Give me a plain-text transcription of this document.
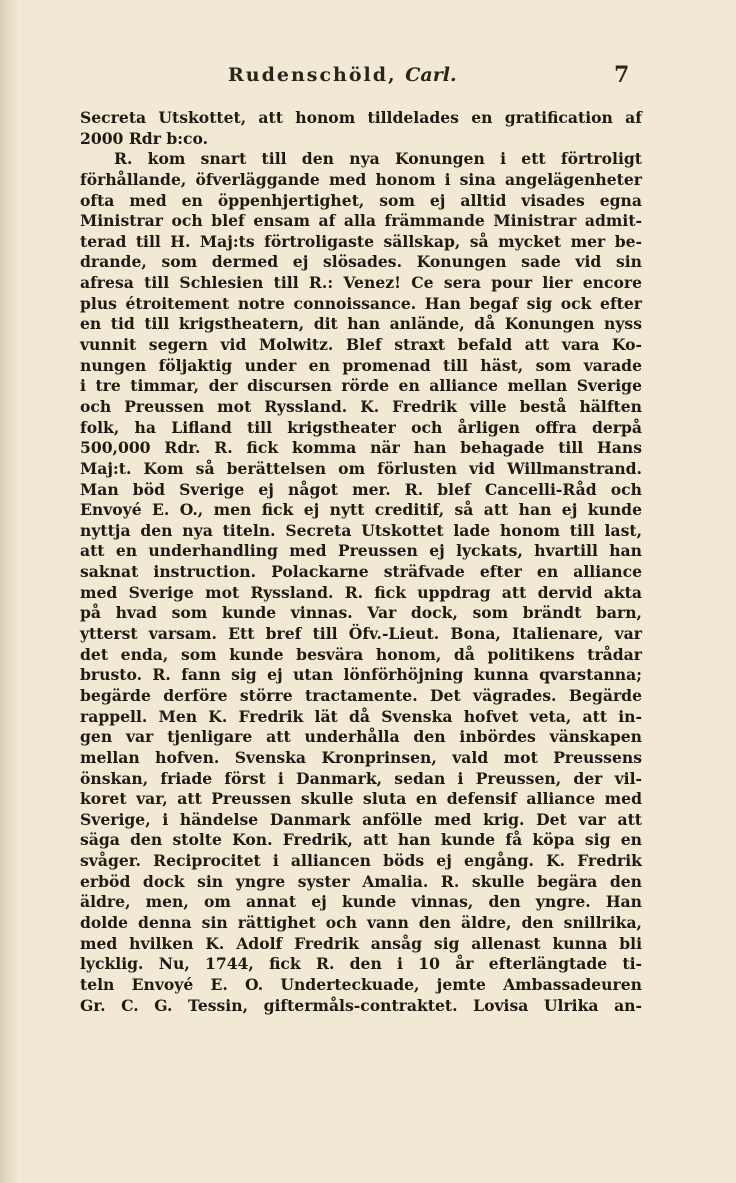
Rudenschöld, Carl.	7
Secreta Utskottet, att honom tilldelades en gratification af
2000 Rdr b:co.
R. kom snart till den nya Konungen i ett förtroligt
förhållande, öfverläggande med honom i sina angelägenheter
ofta med en öppenhjertighet, som ej alltid visades egna
Ministrar och blef ensam af alla främmande Ministrar admit-
terad till H. Maj:ts förtroligaste sällskap, så mycket mer be-
drande, som dermed ej slösades. Konungen sade vid sin
afresa till Schlesien till R.: Venez! Ce sera pour lier encore
plus étroitement notre connoissance. Han begaf sig ock efter
en tid till krigstheatern, dit han anlände, då Konungen nyss
vunnit segern vid Molwitz. Blef straxt befald att vara Ko-
nungen följaktig under en promenad till häst, som varade
i tre timmar, der discursen rörde en alliance mellan Sverige
och Preussen mot Ryssland. K. Fredrik ville bestå hälften
folk, ha Lifland till krigstheater och årligen offra derpå
500,000 Rdr. R. fick komma när han behagade till Hans
Maj:t. Kom så berättelsen om förlusten vid Willmanstrand.
Man böd Sverige ej något mer. R. blef Cancelli-Råd och
Envoyé E. O., men fick ej nytt creditif, så att han ej kunde
nyttja den nya titeln. Secreta Utskottet lade honom till last,
att en underhandling med Preussen ej lyckats, hvartill han
saknat instruction. Polackarne sträfvade efter en alliance
med Sverige mot Ryssland. R. fick uppdrag att dervid akta
på hvad som kunde vinnas. Var dock, som brändt barn,
ytterst varsam. Ett bref till Öfv.-Lieut. Bona, Italienare, var
det enda, som kunde besvära honom, då politikens trådar
brusto. R. fann sig ej utan lönförhöjning kunna qvarstanna;
begärde derföre större tractamente. Det vägrades. Begärde
rappell. Men K. Fredrik lät då Svenska hofvet veta, att in-
gen var tjenligare att underhålla den inbördes vänskapen
mellan hofven. Svenska Kronprinsen, vald mot Preussens
önskan, friade först i Danmark, sedan i Preussen, der vil-
koret var, att Preussen skulle sluta en defensif alliance med
Sverige, i händelse Danmark anfölle med krig. Det var att
säga den stolte Kon. Fredrik, att han kunde få köpa sig en
svåger. Reciprocitet i alliancen böds ej engång. K. Fredrik
erböd dock sin yngre syster Amalia. R. skulle begära den
äldre, men, om annat ej kunde vinnas, den yngre. Han
dolde denna sin rättighet och vann den äldre, den snillrika,
med hvilken K. Adolf Fredrik ansåg sig allenast kunna bli
lycklig. Nu, 1744, fick R. den i 10 år efterlängtade ti-
teln Envoyé E. O. Underteckuade, jemte Ambassadeuren
Gr. C. G. Tessin, giftermåls-contraktet. Lovisa Ulrika an-
